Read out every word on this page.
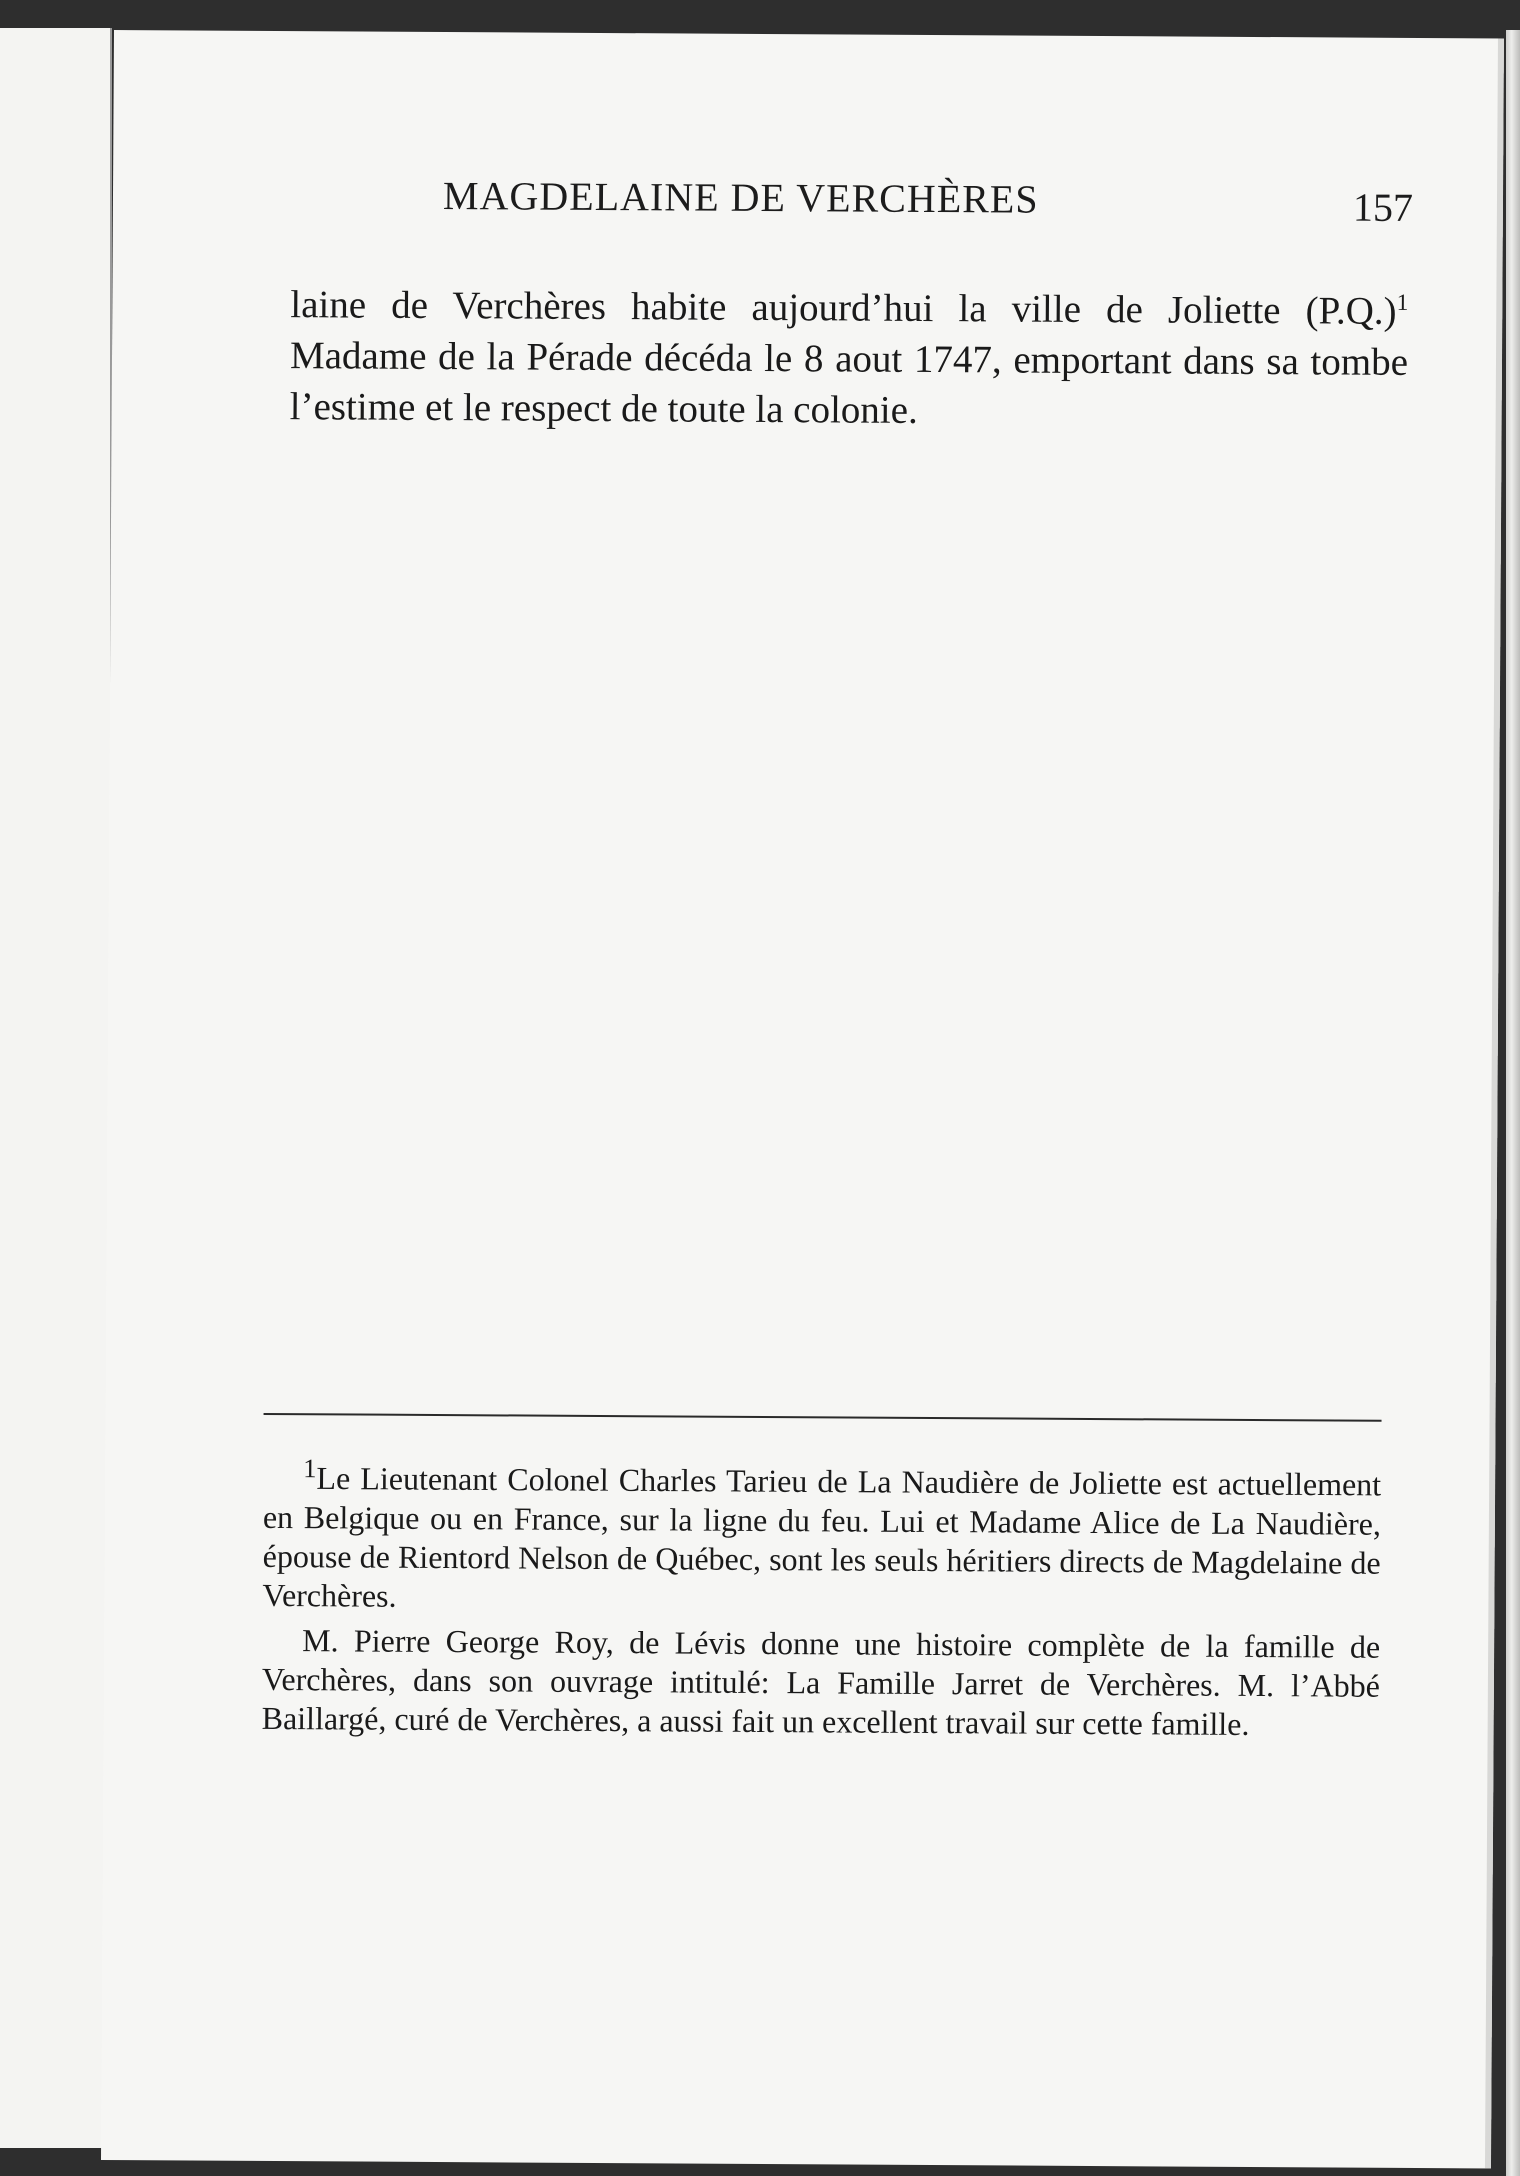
MAGDELAINE DE VERCHÈRES	157

laine de Verchères habite aujourd’hui la ville de Joliette $(P.Q.)^1$ Madame de la Pérade décéda le 8 aout 1747, emportant dans sa tombe l’estime et le respect de toute la colonie.

$^1$Le Lieutenant Colonel Charles Tarieu de La Naudière de Joliette est actuellement en Belgique ou en France, sur la ligne du feu. Lui et Madame Alice de La Naudière, épouse de Rientord Nelson de Québec, sont les seuls héritiers directs de Magdelaine de Verchères.

M. Pierre George Roy, de Lévis donne une histoire complète de la famille de Verchères, dans son ouvrage intitulé: La Famille Jarret de Verchères. M. l’Abbé Baillargé, curé de Verchères, a aussi fait un excellent travail sur cette famille.
